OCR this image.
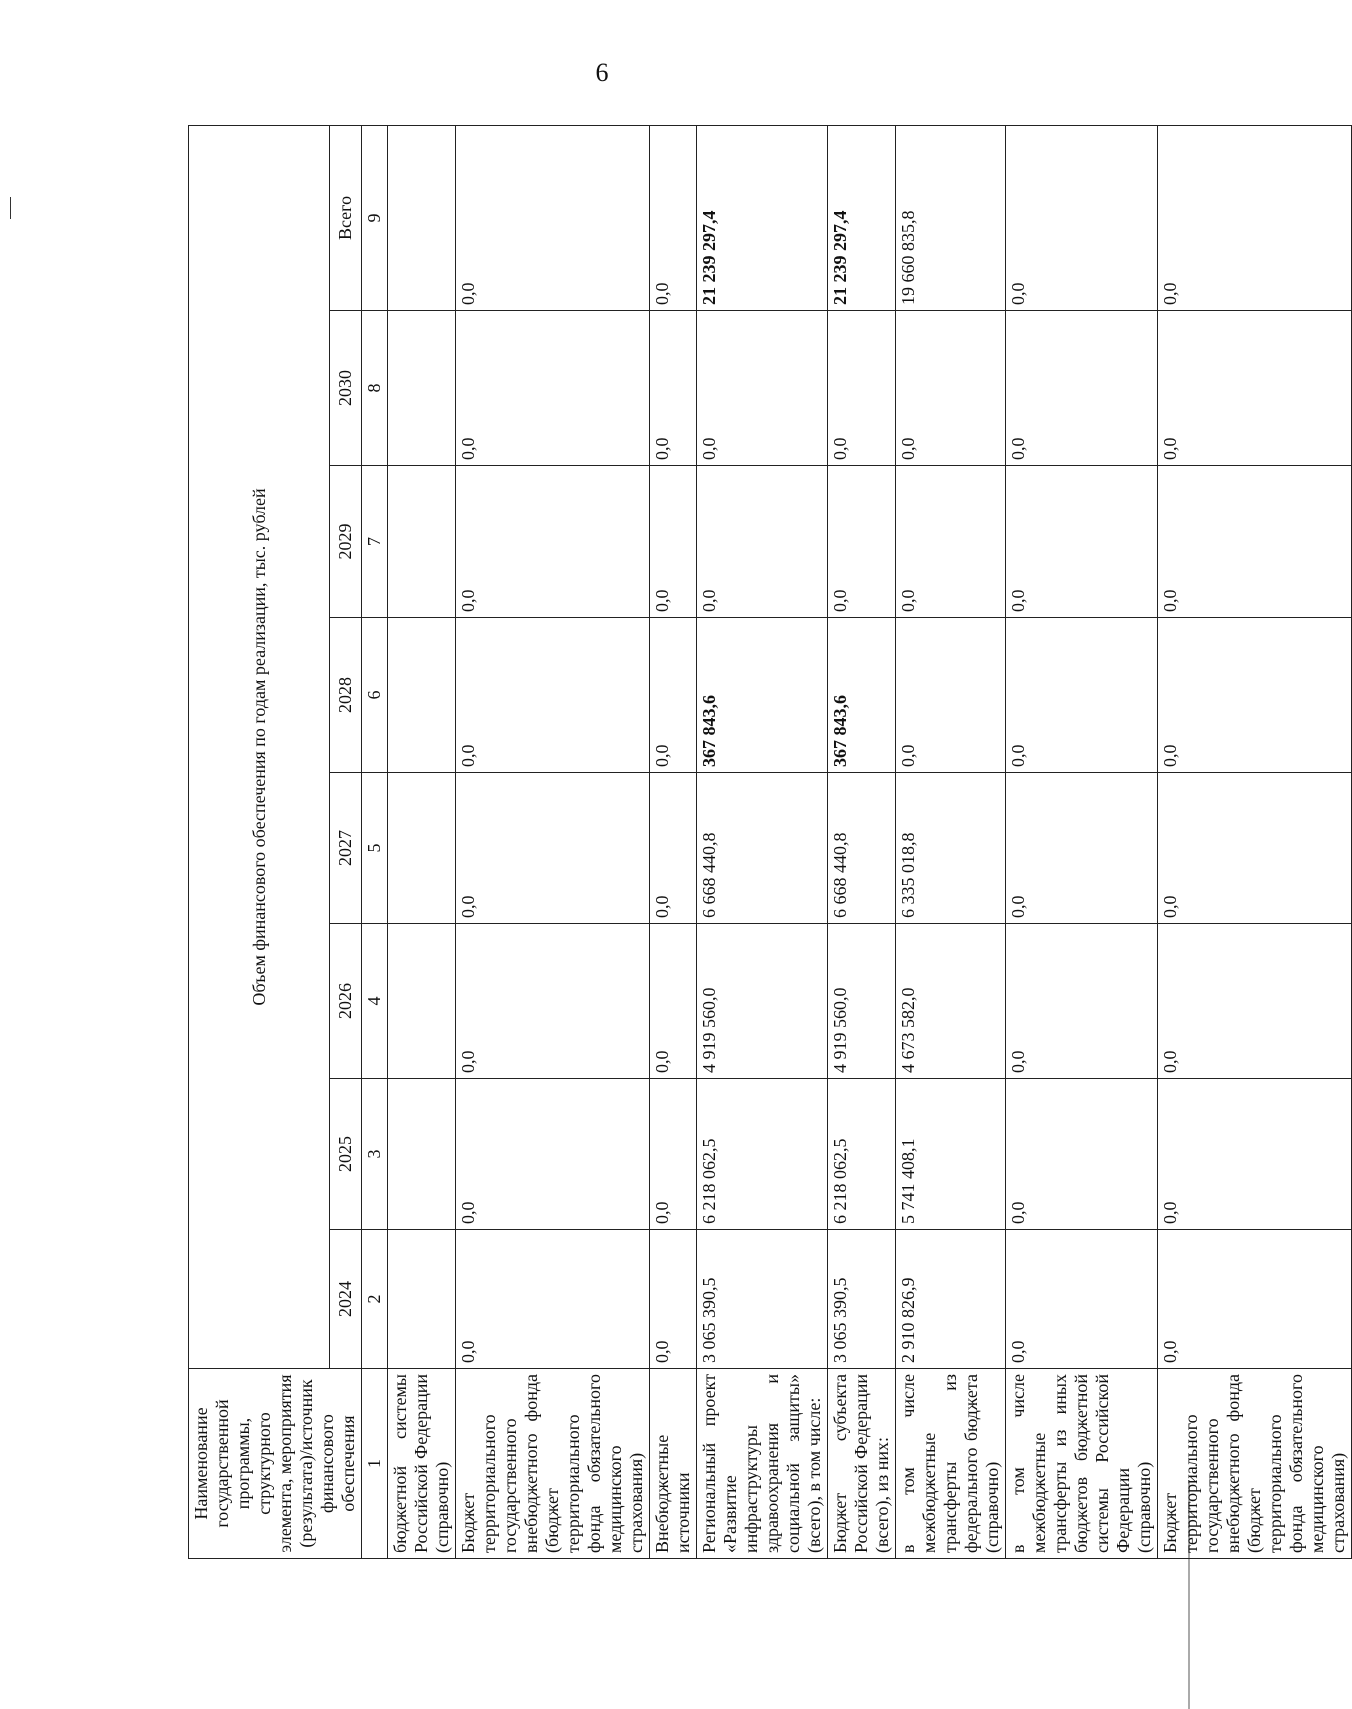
6
Наименование государственной программы, структурного элемента, мероприятия (результата)/источник финансового обеспечения	Объем финансового обеспечения по годам реализации, тыс. рублей							
	2024	2025	2026	2027	2028	2029	2030	Всего
1	2	3	4	5	6	7	8	9
бюджетной системы Российской Федерации (справочно)								
Бюджет территориального государственного внебюджетного фонда (бюджет территориального фонда обязательного медицинского страхования)	0,0	0,0	0,0	0,0	0,0	0,0	0,0	0,0
Внебюджетные источники	0,0	0,0	0,0	0,0	0,0	0,0	0,0	0,0
Региональный проект «Развитие инфраструктуры здравоохранения и социальной защиты» (всего), в том числе:	3 065 390,5	6 218 062,5	4 919 560,0	6 668 440,8	367 843,6	0,0	0,0	21 239 297,4
Бюджет субъекта Российской Федерации (всего), из них:	3 065 390,5	6 218 062,5	4 919 560,0	6 668 440,8	367 843,6	0,0	0,0	21 239 297,4
в том числе межбюджетные трансферты из федерального бюджета (справочно)	2 910 826,9	5 741 408,1	4 673 582,0	6 335 018,8	0,0	0,0	0,0	19 660 835,8
в том числе межбюджетные трансферты из иных бюджетов бюджетной системы Российской Федерации (справочно)	0,0	0,0	0,0	0,0	0,0	0,0	0,0	0,0
Бюджет территориального государственного внебюджетного фонда (бюджет территориального фонда обязательного медицинского страхования)	0,0	0,0	0,0	0,0	0,0	0,0	0,0	0,0
